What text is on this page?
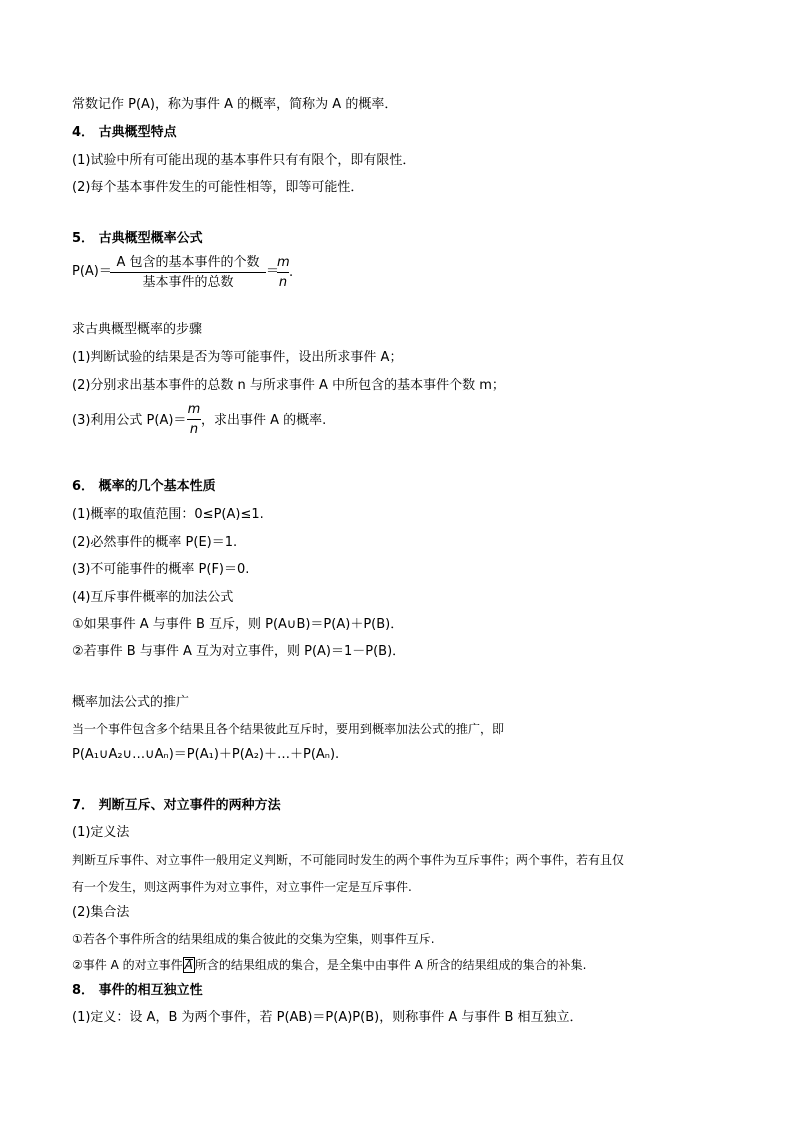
常数记作 P(A)，称为事件 A 的概率，简称为 A 的概率．
4． 古典概型特点
(1)试验中所有可能出现的基本事件只有有限个，即有限性．
(2)每个基本事件发生的可能性相等，即等可能性．
5． 古典概型概率公式
P(A)＝
A 包含的基本事件的个数
基本事件的总数
＝
m
n
.
求古典概型概率的步骤
(1)判断试验的结果是否为等可能事件，设出所求事件 A；
(2)分别求出基本事件的总数 n 与所求事件 A 中所包含的基本事件个数 m；
(3)利用公式 P(A)＝
m
n
，求出事件 A 的概率.
6． 概率的几个基本性质
(1)概率的取值范围：0≤P(A)≤1.
(2)必然事件的概率 P(E)＝1.
(3)不可能事件的概率 P(F)＝0.
(4)互斥事件概率的加法公式
①如果事件 A 与事件 B 互斥，则 P(A∪B)＝P(A)＋P(B)．
②若事件 B 与事件 A 互为对立事件，则 P(A)＝1－P(B)．
概率加法公式的推广
当一个事件包含多个结果且各个结果彼此互斥时，要用到概率加法公式的推广，即
P(A₁∪A₂∪…∪Aₙ)＝P(A₁)＋P(A₂)＋…＋P(Aₙ).
7． 判断互斥、对立事件的两种方法
(1)定义法
判断互斥事件、对立事件一般用定义判断，不可能同时发生的两个事件为互斥事件；两个事件，若有且仅
有一个发生，则这两事件为对立事件，对立事件一定是互斥事件.
(2)集合法
①若各个事件所含的结果组成的集合彼此的交集为空集，则事件互斥.
②事件 A 的对立事件 A 所含的结果组成的集合，是全集中由事件 A 所含的结果组成的集合的补集.
8． 事件的相互独立性
(1)定义：设 A，B 为两个事件，若 P(AB)＝P(A)P(B)，则称事件 A 与事件 B 相互独立．
